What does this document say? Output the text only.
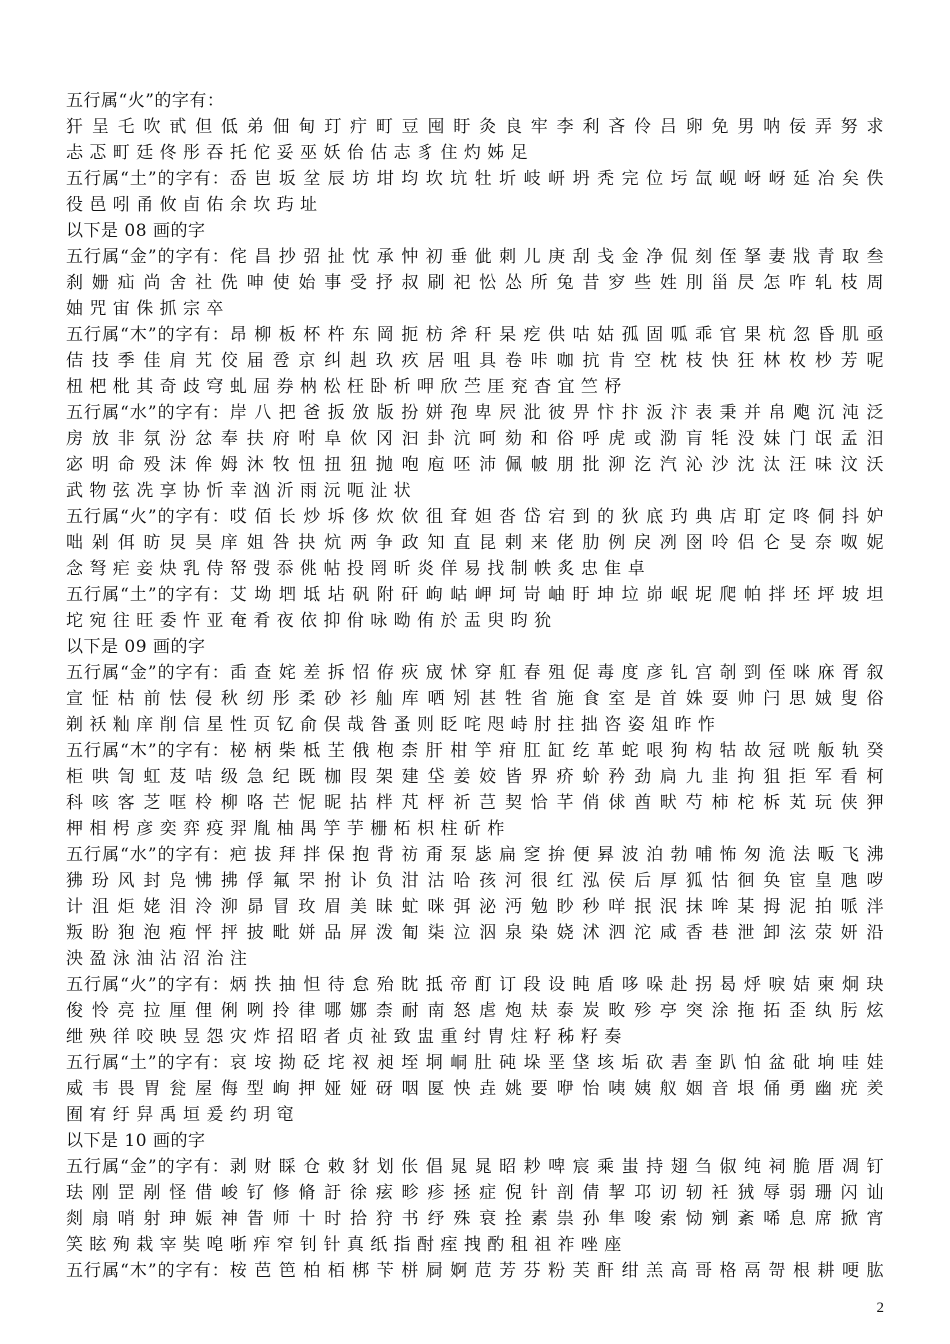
五行属“火”的字有：
犴 呈 乇 吹 甙 但 低 弟 佃 甸 玎 疔 町 豆 囤 盱 灸 良 牢 李 利 吝 伶 吕 卵 免 男 呐 佞 弄 努 求
忐 忑 町 廷 佟 彤 吞 托 佗 妥 巫 妖 佁 估 志 豸 住 灼 姊 足
五行属“土”的字有：岙 岜 坂 坌 辰 坊 坩 均 坎 坑 牡 圻 岐 岍 坍 秃 完 位 圬 氙 岘 岈 岈 延 冶 矣 佚
役 邑 吲 甬 攸 卣 佑 余 坎 玙 址
以下是 08 画的字
五行属“金”的字有：侘 昌 抄 弨 扯 忱 承 忡 初 垂 佌 刺 儿 庚 刮 戋 金 净 侃 刻 侄 拏 妻 戕 青 取 叁
刹 姗 疝 尚 舍 社 侁 呻 使 始 事 受 抒 叔 刷 祀 忪 怂 所 兔 昔 穸 些 姓 刖 甾 昃 怎 咋 轧 枝 周
妯 咒 宙 侏 抓 宗 卒
五行属“木”的字有：昂 柳 板 杯 杵 东 岡 扼 枋 斧 秆 杲 疙 供 咕 姑 孤 固 呱 乖 官 果 杭 忽 昏 肌 亟
佶 技 季 佳 肩 艽 佼 届 卺 京 纠 赳 玖 疚 居 咀 具 卷 咔 咖 抗 肯 空 枕 枝 快 狂 林 枚 杪 芳 呢
杻 杷 枇 其 奇 歧 穹 虬 屈 券 枘 松 枉 卧 析 呷 欣 苎 厓 兖 杳 宜 竺 杼
五行属“水”的字有：岸 八 把 爸 扳 攽 版 扮 姘 孢 卑 屄 沘 彼 畀 忭 抃 汳 汴 表 秉 并 帛 飑 沉 沌 泛
房 放 非 氛 汾 忿 奉 扶 府 咐 阜 佽 冈 汩 卦 沆 呵 劾 和 俗 呼 虎 或 泐 肓 牦 没 妹 门 氓 孟 汨
宓 明 命 殁 沫 侔 姆 沐 牧 忸 扭 狃 抛 咆 庖 呸 沛 佩 帔 朋 批 泖 汔 汽 沁 沙 沈 汰 汪 味 汶 沃
武 物 弦 冼 享 协 忻 幸 汹 沂 雨 沅 呃 沚 状
五行属“火”的字有：哎 佰 长 炒 坼 侈 炊 佽 徂 耷 妲 沓 岱 宕 到 的 狄 底 玓 典 店 耵 定 咚 侗 抖 妒
咄 剁 佴 昉 炅 昊 庠 姐 咎 抉 炕 两 争 政 知 直 昆 剌 来 佬 肋 例 戾 冽 囹 呤 侣 仑 旻 奈 呶 妮
念 弩 疟 妾 炔 乳 侍 帑 弢 忝 佻 帖 投 罔 昕 炎 佯 易 找 制 帙 炙 忠 隹 卓
五行属“土”的字有：艾 坳 垇 坻 坫 矾 附 矸 岣 岵 岬 坷 岢 岫 盱 坤 垃 峁 岷 坭 爬 帕 拌 坯 坪 坡 坦
坨 宛 往 旺 委 忤 亚 奄 肴 夜 依 抑 佾 咏 呦 侑 於 盂 臾 昀 狁
以下是 09 画的字
五行属“金”的字有：臿 查 姹 差 拆 怊 侟 疢 宬 怵 穿 舡 春 殂 促 毒 度 彦 钆 宫 剞 剄 侄 咪 庥 胥 叙
宣 怔 枯 前 怯 侵 秋 纫 彤 柔 砂 衫 舢 库 哂 矧 甚 牲 省 施 食 室 是 首 姝 耍 帅 闩 思 娀 叟 俗
剃 袄 籼 庠 削 信 星 性 页 钇 俞 俣 哉 昝 蚤 则 眨 咤 咫 峙 肘 拄 拙 咨 姿 俎 昨 怍
五行属“木”的字有：柲 柄 柴 柢 芏 俄 枹 柰 肝 柑 竽 疳 肛 缸 纥 革 蛇 哏 狗 构 牯 故 冠 咣 舨 轨 癸
柜 哄 訇 虹 芨 咭 级 急 纪 既 枷 叚 架 建 垈 姜 姣 皆 界 疥 蚧 矜 劲 扃 九 韭 拘 狙 拒 军 看 柯
科 咳 客 芝 哐 柃 柳 咯 芒 怩 昵 拈 柈 芃 枰 祈 芑 契 恰 芊 俏 俅 酋 畎 芍 柿 柁 柝 芄 玩 侠 狎
柙 相 枵 彦 奕 弈 疫 羿 胤 柚 禺 竽 芋 栅 柘 枳 柱 斫 柞
五行属“水”的字有：疤 拔 拜 拌 保 抱 背 祊 甭 泵 毖 扁 窆 拚 便 昪 波 泊 勃 哺 怖 匆 洈 法 畈 飞 沸
狒 玢 风 封 凫 怫 拂 俘 氟 罘 拊 讣 负 泔 沽 哈 孩 河 很 红 泓 侯 后 厚 狐 怙 徊 奂 宦 皇 虺 哕
计 沮 炬 姥 泪 泠 泖 昴 冒 玫 眉 美 昧 虻 咪 弭 泌 沔 勉 眇 秒 咩 抿 泯 抹 哞 某 拇 泥 拍 哌 泮
叛 盼 狍 泡 疱 怦 抨 披 毗 姘 品 屏 泼 匍 柒 泣 泅 泉 染 娆 沭 泗 沱 咸 香 巷 泄 卸 泫 荥 妍 沿
泱 盈 泳 油 沾 沼 治 注
五行属“火”的字有：炳 抶 抽 怛 待 怠 殆 眈 抵 帝 酊 订 段 设 盹 盾 哆 哚 赴 拐 曷 烀 唳 姞 柬 炯 玦
俊 怜 亮 拉 厘 俚 俐 咧 拎 律 哪 娜 柰 耐 南 怒 虐 炮 㚘 泰 炭 畋 殄 亭 突 涂 拖 拓 歪 纨 肟 炫
绁 殃 徉 咬 映 昱 怨 灾 炸 招 昭 者 贞 祉 致 盅 重 纣 胄 炷 籽 秭 籽 奏
五行属“土”的字有：哀 垵 拗 砭 垞 衩 昶 垤 垌 峒 肚 砘 垛 垩 垡 垓 垢 砍 砉 奎 趴 怕 盆 砒 垧 哇 娃
威 韦 畏 胃 瓮 屋 侮 型 峋 押 娅 娅 砑 咽 匽 怏 垚 姚 要 咿 怡 咦 姨 舣 姻 音 垠 俑 勇 幽 疣 羑
囿 宥 纡 舁 禹 垣 爰 约 玥 窀
以下是 10 画的字
五行属“金”的字有：剥 财 睬 仓 敕 豺 划 伥 倡 晁 晁 昭 耖 啤 宸 乘 蚩 持 翅 刍 俶 纯 祠 脆 厝 凋 钉
珐 刚 罡 剐 怪 借 峻 钌 修 脩 訏 徐 痃 畛 疹 拯 症 倪 针 剖 倩 挈 邛 讱 轫 衽 狨 辱 弱 珊 闪 讪
剡 扇 哨 射 珅 娠 神 眚 师 十 时 拾 狩 书 纾 殊 衰 拴 素 祟 孙 隼 唆 索 恸 剜 紊 唏 息 席 掀 宵
笑 眩 殉 栽 宰 奘 唣 哳 痄 窄 钊 针 真 纸 指 酎 痓 拽 酌 租 祖 祚 唑 座
五行属“木”的字有：桉 芭 笆 柏 栢 梆 苄 栟 屙 婀 苊 芳 芬 粉 芙 酐 绀 羔 高 哥 格 鬲 哿 根 耕 哽 肱
2
